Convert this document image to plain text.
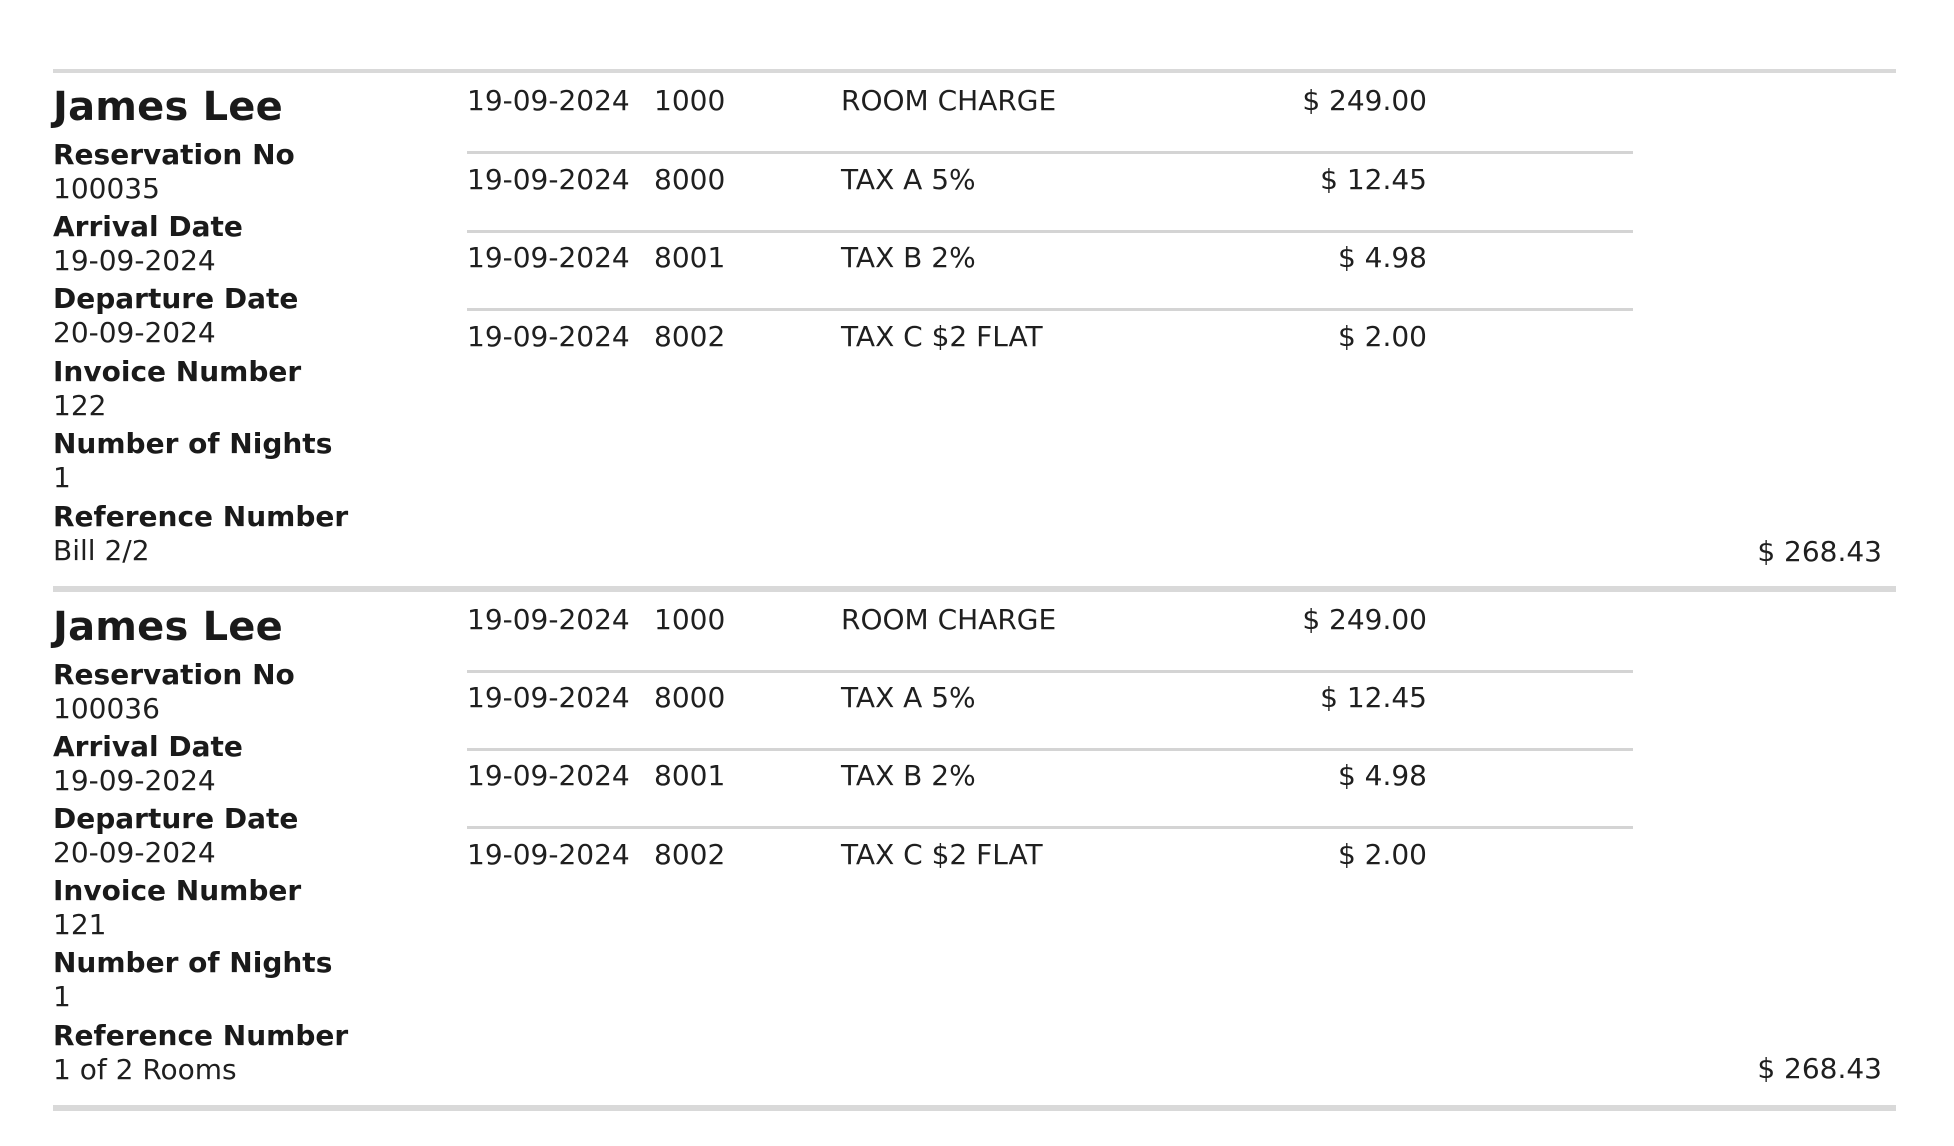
James Lee
Reservation No
100035
Arrival Date
19-09-2024
Departure Date
20-09-2024
Invoice Number
122
Number of Nights
1
Reference Number
Bill 2/2
19-09-2024 1000	ROOM CHARGE	$ 249.00
19-09-2024 8000	TAX A 5%	$ 12.45
19-09-2024 8001	TAX B 2%	$ 4.98
19-09-2024 8002	TAX C $2 FLAT	$ 2.00
$ 268.43
James Lee
Reservation No
100036
Arrival Date
19-09-2024
Departure Date
20-09-2024
Invoice Number
121
Number of Nights
1
Reference Number
1 of 2 Rooms
19-09-2024 1000	ROOM CHARGE	$ 249.00
19-09-2024 8000	TAX A 5%	$ 12.45
19-09-2024 8001	TAX B 2%	$ 4.98
19-09-2024 8002	TAX C $2 FLAT	$ 2.00
$ 268.43
